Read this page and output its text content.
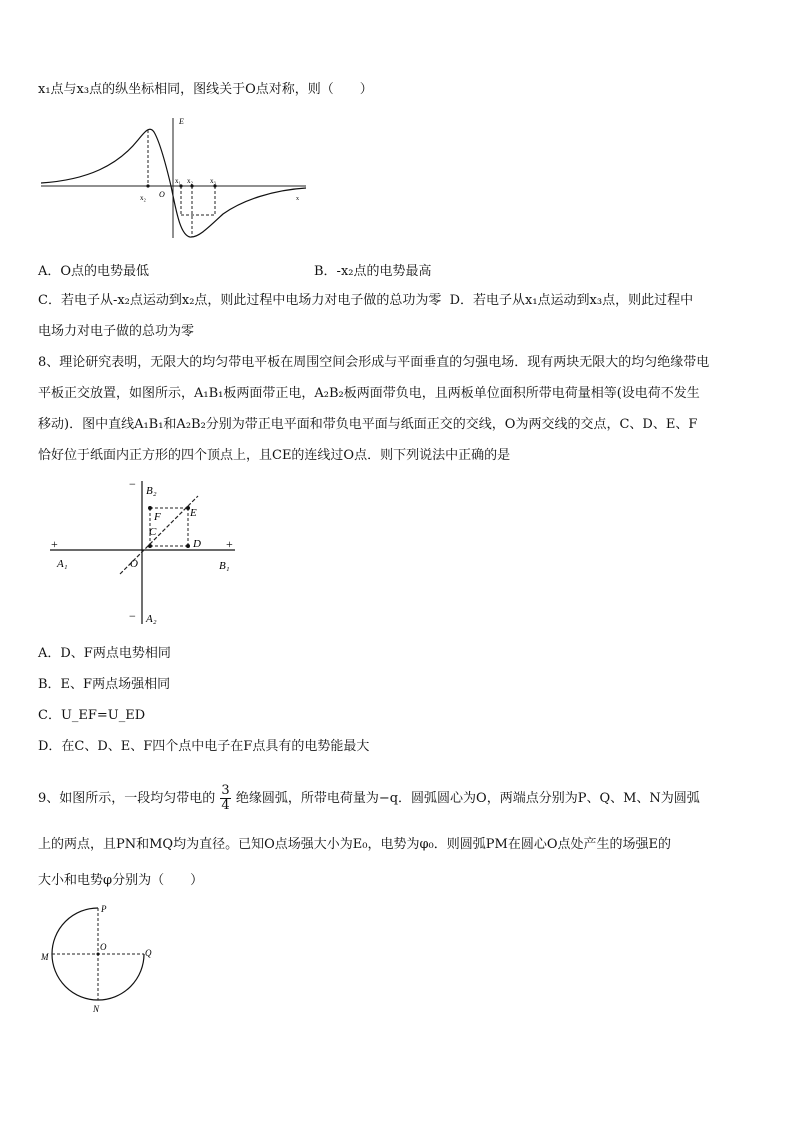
x₁点与x₃点的纵坐标相同，图线关于O点对称，则（　　）
E
x
O
x₂
x₁ x₂ x₃
A．O点的电势最低	B．-x₂点的电势最高
C．若电子从-x₂点运动到x₂点，则此过程中电场力对电子做的总功为零 D．若电子从x₁点运动到x₃点，则此过程中
电场力对电子做的总功为零
8、理论研究表明，无限大的均匀带电平板在周围空间会形成与平面垂直的匀强电场．现有两块无限大的均匀绝缘带电
平板正交放置，如图所示，A₁B₁板两面带正电，A₂B₂板两面带负电，且两板单位面积所带电荷量相等(设电荷不发生
移动)．图中直线A₁B₁和A₂B₂分别为带正电平面和带负电平面与纸面正交的交线，O为两交线的交点，C、D、E、F
恰好位于纸面内正方形的四个顶点上，且CE的连线过O点．则下列说法中正确的是
− B₂
F	E
C
D
+	+
A₁	O	B₁
− A₂
A．D、F两点电势相同
B．E、F两点场强相同
C．U_EF=U_ED
D．在C、D、E、F四个点中电子在F点具有的电势能最大
9、如图所示，一段均匀带电的 $\frac{3}{4}$ 绝缘圆弧，所带电荷量为−q．圆弧圆心为O，两端点分别为P、Q、M、N为圆弧
上的两点，且PN和MQ均为直径。已知O点场强大小为E₀，电势为φ₀．则圆弧PM在圆心O点处产生的场强E的
大小和电势φ分别为（　　）
P
O
Q
M
N
